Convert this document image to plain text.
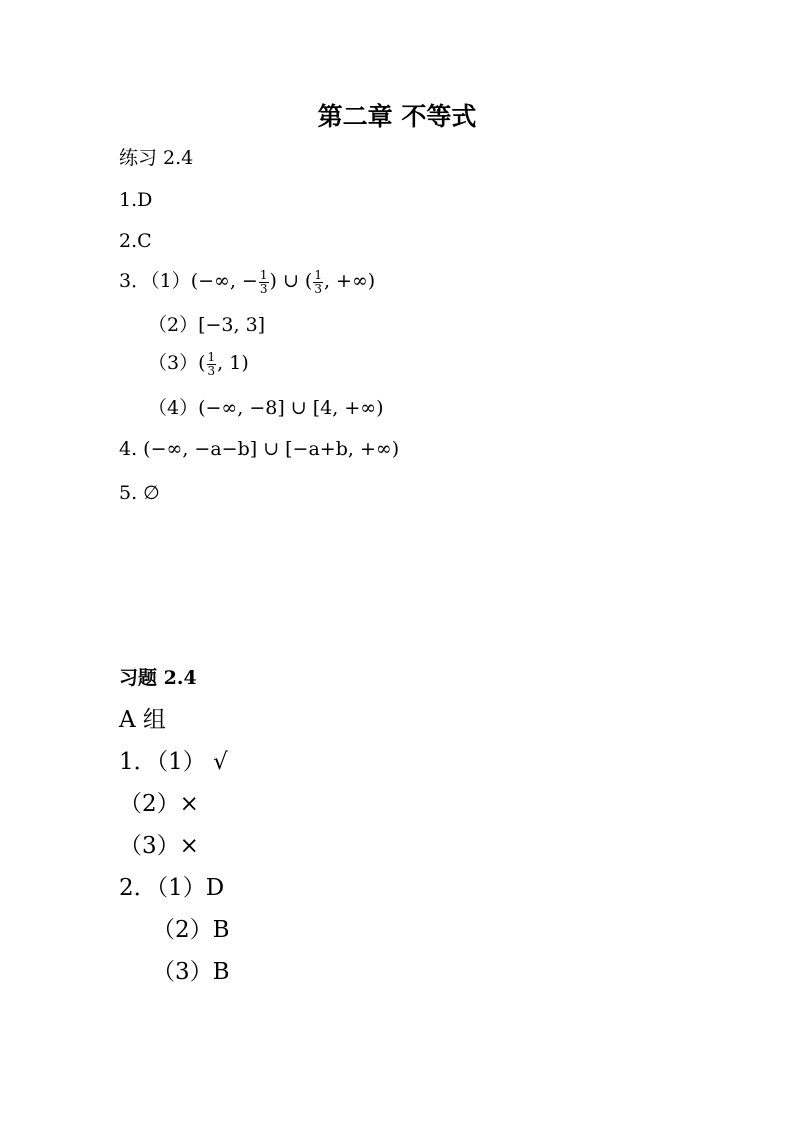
第二章 不等式
练习 2.4
1.D
2.C
3．（1）(−∞, − $\frac{1}{3}$ ) ∪ ( $\frac{1}{3}$ , +∞)
（2）[−3, 3]
$(3)( \frac{1}{3}$ , 1)
（4）(−∞, −8] ∪ [4, +∞)
4. (−∞, −a−b] ∪ [−a+b, +∞)
5. ∅
习题 2.4
A 组
1．（1） √
（2）×
（3）×
2．（1）D
（2）B
（3）B
